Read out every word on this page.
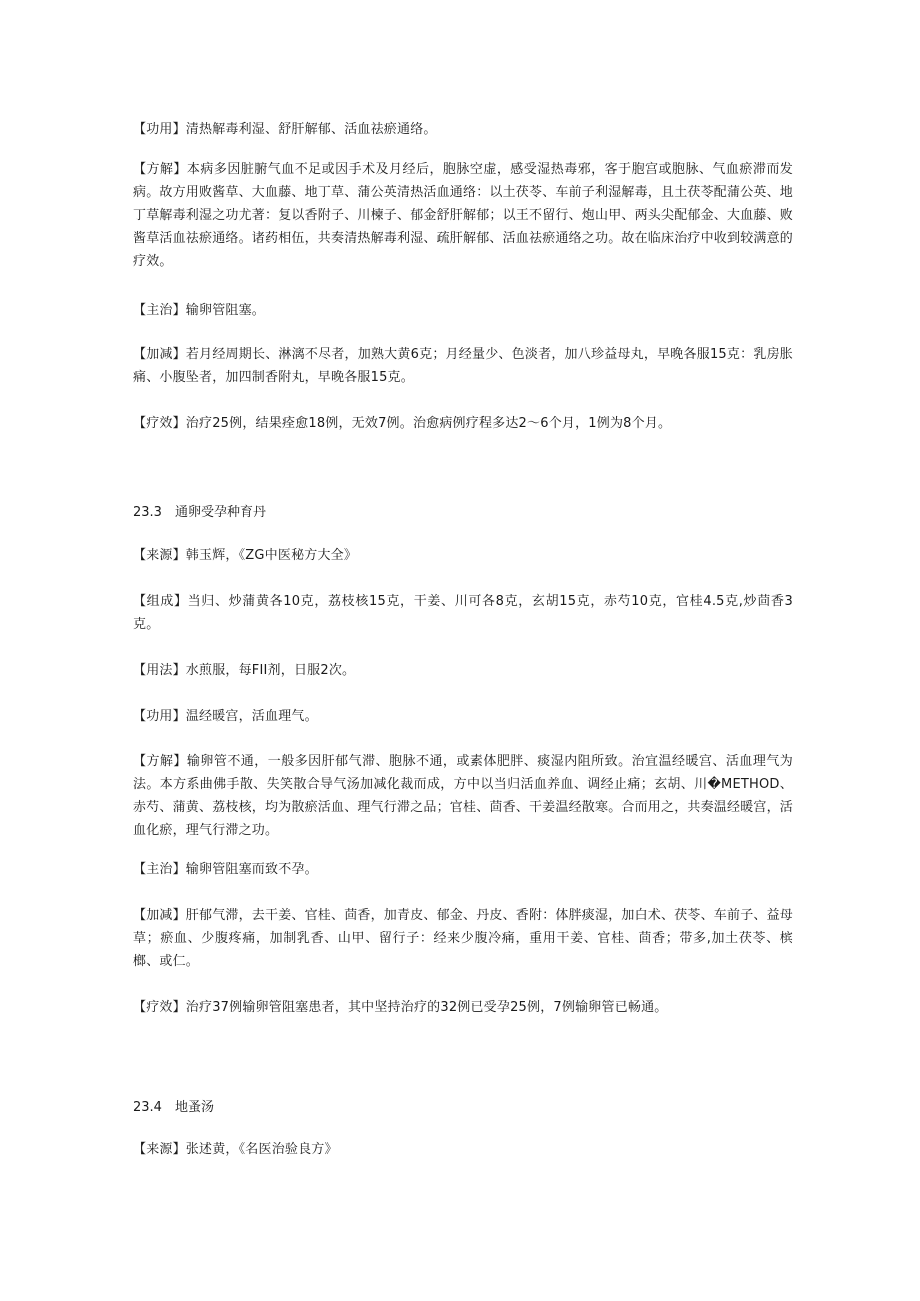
【功用】清热解毒利湿、舒肝解郁、活血祛瘀通络。

【方解】本病多因脏腑气血不足或因手术及月经后，胞脉空虚，感受湿热毒邪，客于胞宫或胞脉、气血瘀滞而发病。故方用败酱草、大血藤、地丁草、蒲公英清热活血通络：以土茯苓、车前子利湿解毒，且土茯苓配蒲公英、地丁草解毒利湿之功尤著：复以香附子、川楝子、郁金舒肝解郁；以王不留行、炮山甲、两头尖配郁金、大血藤、败酱草活血祛瘀通络。诸药相伍，共奏清热解毒利湿、疏肝解郁、活血祛瘀通络之功。故在临床治疗中收到较满意的疗效。

【主治】输卵管阻塞。

【加减】若月经周期长、淋漓不尽者，加熟大黄6克；月经量少、色淡者，加八珍益母丸，早晚各服15克：乳房胀痛、小腹坠者，加四制香附丸，早晚各服15克。

【疗效】治疗25例，结果痊愈18例，无效7例。治愈病例疗程多达2～6个月，1例为8个月。

23.3 通卵受孕种育丹

【来源】韩玉辉，《ZG中医秘方大全》

【组成】当归、炒蒲黄各10克，荔枝核15克，干姜、川可各8克，玄胡15克，赤芍10克，官桂4.5克,炒茴香3克。

【用法】水煎服，每FII剂，日服2次。

【功用】温经暖宫，活血理气。

【方解】输卵管不通，一般多因肝郁气滞、胞脉不通，或素体肥胖、痰湿内阻所致。治宜温经暖宫、活血理气为法。本方系曲佛手散、失笑散合导气汤加减化裁而成，方中以当归活血养血、调经止痛；玄胡、川�METHOD、赤芍、蒲黄、荔枝核，均为散瘀活血、理气行滞之品；官桂、茴香、干姜温经散寒。合而用之，共奏温经暖宫，活血化瘀，理气行滞之功。

【主治】输卵管阻塞而致不孕。

【加减】肝郁气滞，去干姜、官桂、茴香，加青皮、郁金、丹皮、香附：体胖痰湿，加白术、茯苓、车前子、益母草；瘀血、少腹疼痛，加制乳香、山甲、留行子：经来少腹冷痛，重用干姜、官桂、茴香；带多,加土茯苓、槟榔、或仁。

【疗效】治疗37例输卵管阻塞患者，其中坚持治疗的32例已受孕25例，7例输卵管已畅通。

23.4 地蚤汤

【来源】张述黄，《名医治验良方》
